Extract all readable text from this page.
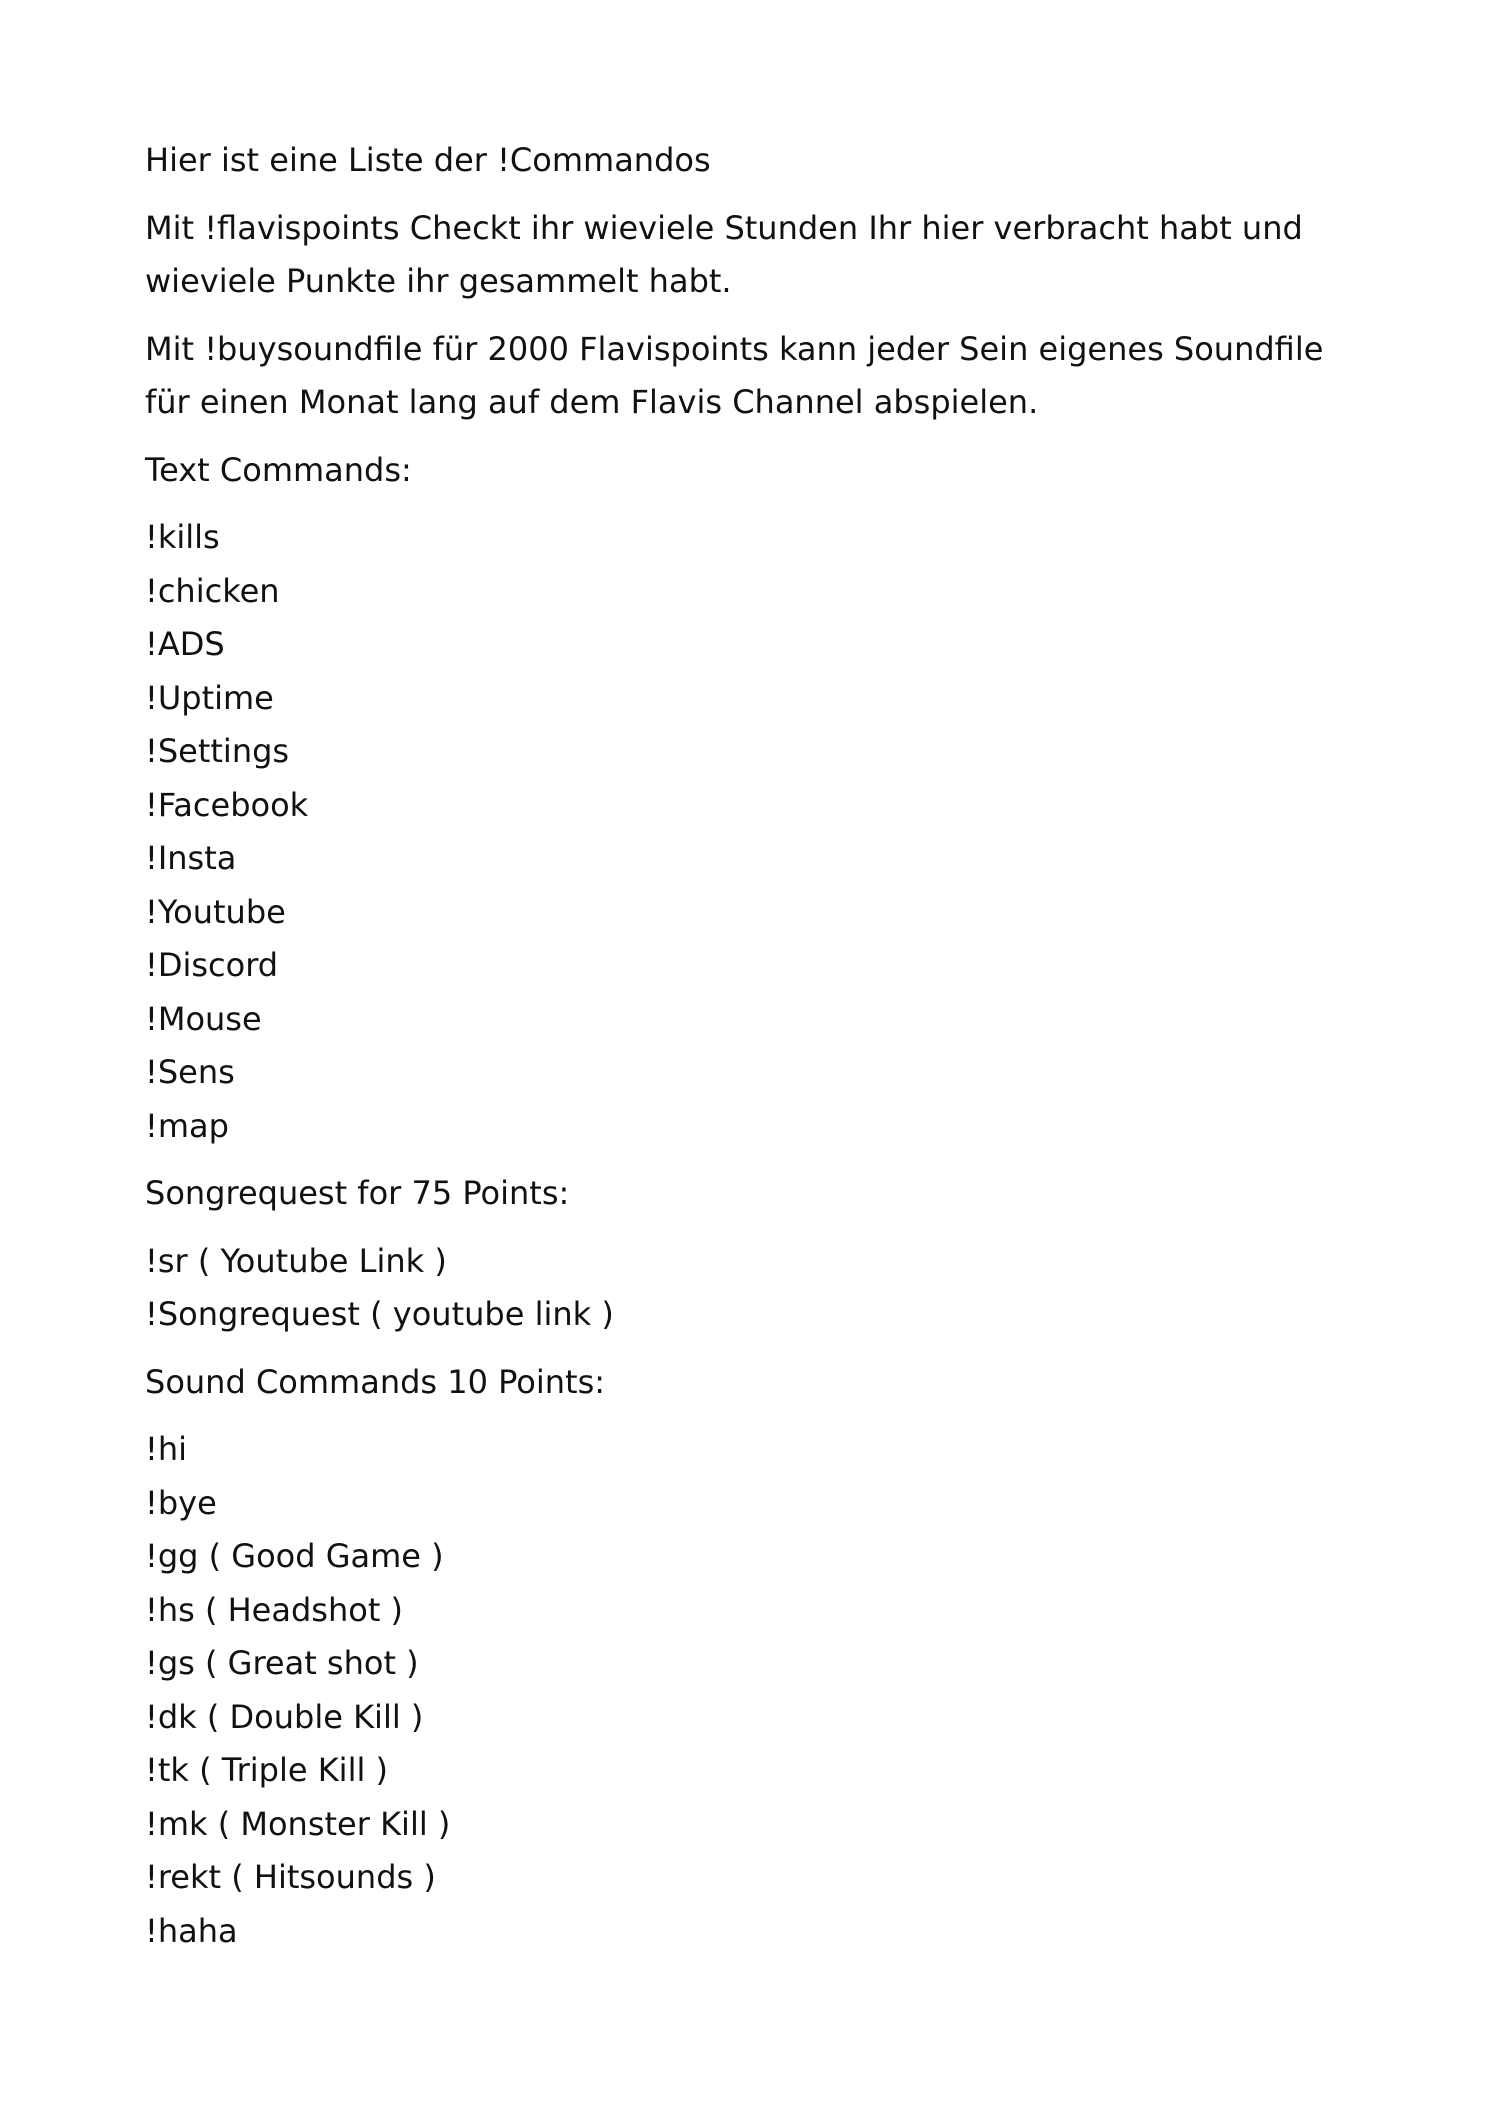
Hier ist eine Liste der !Commandos

Mit !flavispoints Checkt ihr wieviele Stunden Ihr hier verbracht habt und wieviele Punkte ihr gesammelt habt.

Mit !buysoundfile für 2000 Flavispoints kann jeder Sein eigenes Soundfile für einen Monat lang auf dem Flavis Channel abspielen.

Text Commands:

!kills
!chicken
!ADS
!Uptime
!Settings
!Facebook
!Insta
!Youtube
!Discord
!Mouse
!Sens
!map

Songrequest for 75 Points:

!sr ( Youtube Link )
!Songrequest ( youtube link )

Sound Commands 10 Points:

!hi
!bye
!gg ( Good Game )
!hs ( Headshot )
!gs ( Great shot )
!dk ( Double Kill )
!tk ( Triple Kill )
!mk ( Monster Kill )
!rekt ( Hitsounds )
!haha
